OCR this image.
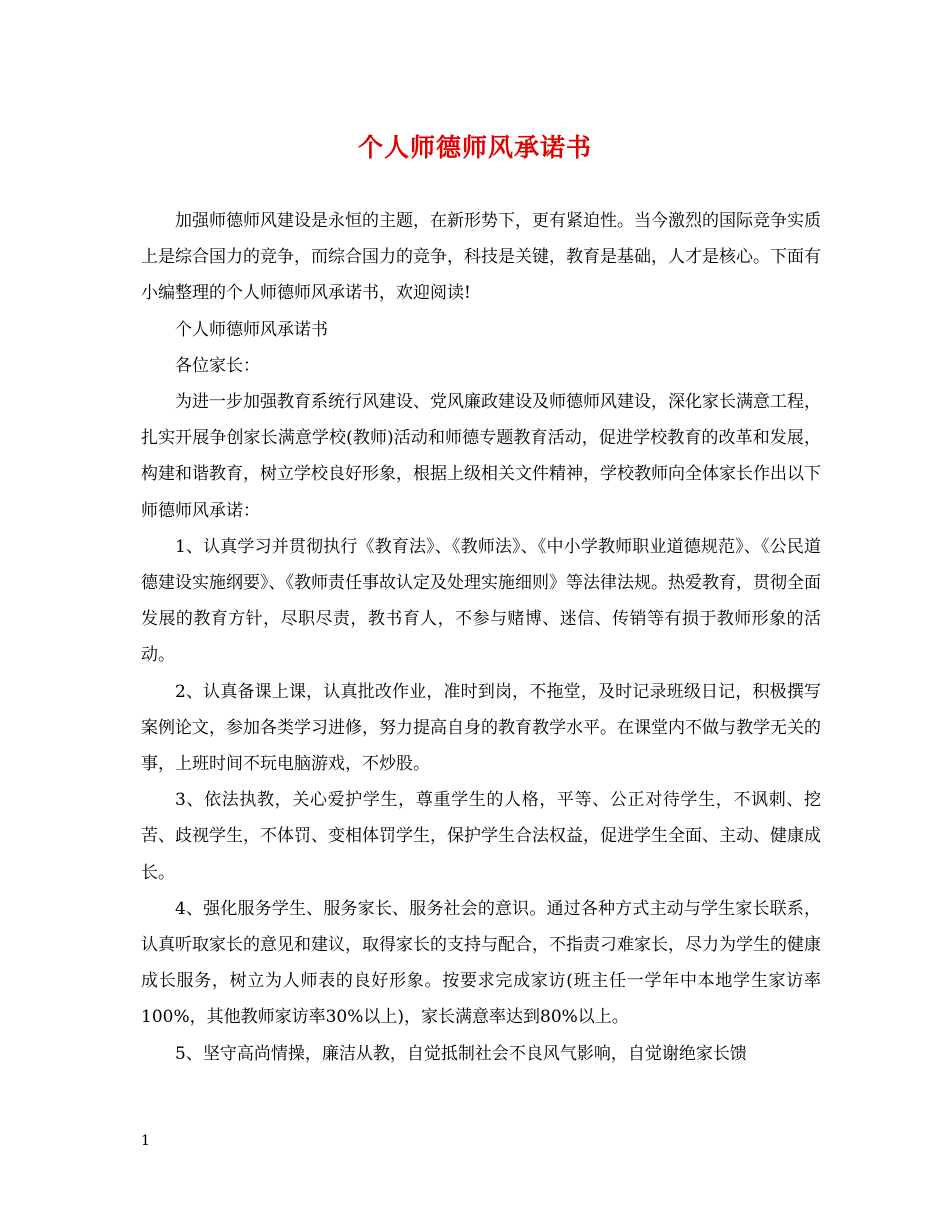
个人师德师风承诺书

加强师德师风建设是永恒的主题，在新形势下，更有紧迫性。当今激烈的国际竞争实质上是综合国力的竞争，而综合国力的竞争，科技是关键，教育是基础，人才是核心。下面有小编整理的个人师德师风承诺书，欢迎阅读!

个人师德师风承诺书

各位家长：

为进一步加强教育系统行风建设、党风廉政建设及师德师风建设，深化家长满意工程，扎实开展争创家长满意学校(教师)活动和师德专题教育活动，促进学校教育的改革和发展，构建和谐教育，树立学校良好形象，根据上级相关文件精神，学校教师向全体家长作出以下师德师风承诺：

1、认真学习并贯彻执行《教育法》、《教师法》、《中小学教师职业道德规范》、《公民道德建设实施纲要》、《教师责任事故认定及处理实施细则》等法律法规。热爱教育，贯彻全面发展的教育方针，尽职尽责，教书育人，不参与赌博、迷信、传销等有损于教师形象的活动。

2、认真备课上课，认真批改作业，准时到岗，不拖堂，及时记录班级日记，积极撰写案例论文，参加各类学习进修，努力提高自身的教育教学水平。在课堂内不做与教学无关的事，上班时间不玩电脑游戏，不炒股。

3、依法执教，关心爱护学生，尊重学生的人格，平等、公正对待学生，不讽刺、挖苦、歧视学生，不体罚、变相体罚学生，保护学生合法权益，促进学生全面、主动、健康成长。

4、强化服务学生、服务家长、服务社会的意识。通过各种方式主动与学生家长联系，认真听取家长的意见和建议，取得家长的支持与配合，不指责刁难家长，尽力为学生的健康成长服务，树立为人师表的良好形象。按要求完成家访(班主任一学年中本地学生家访率100%，其他教师家访率30%以上)，家长满意率达到80%以上。

5、坚守高尚情操，廉洁从教，自觉抵制社会不良风气影响，自觉谢绝家长馈

1
